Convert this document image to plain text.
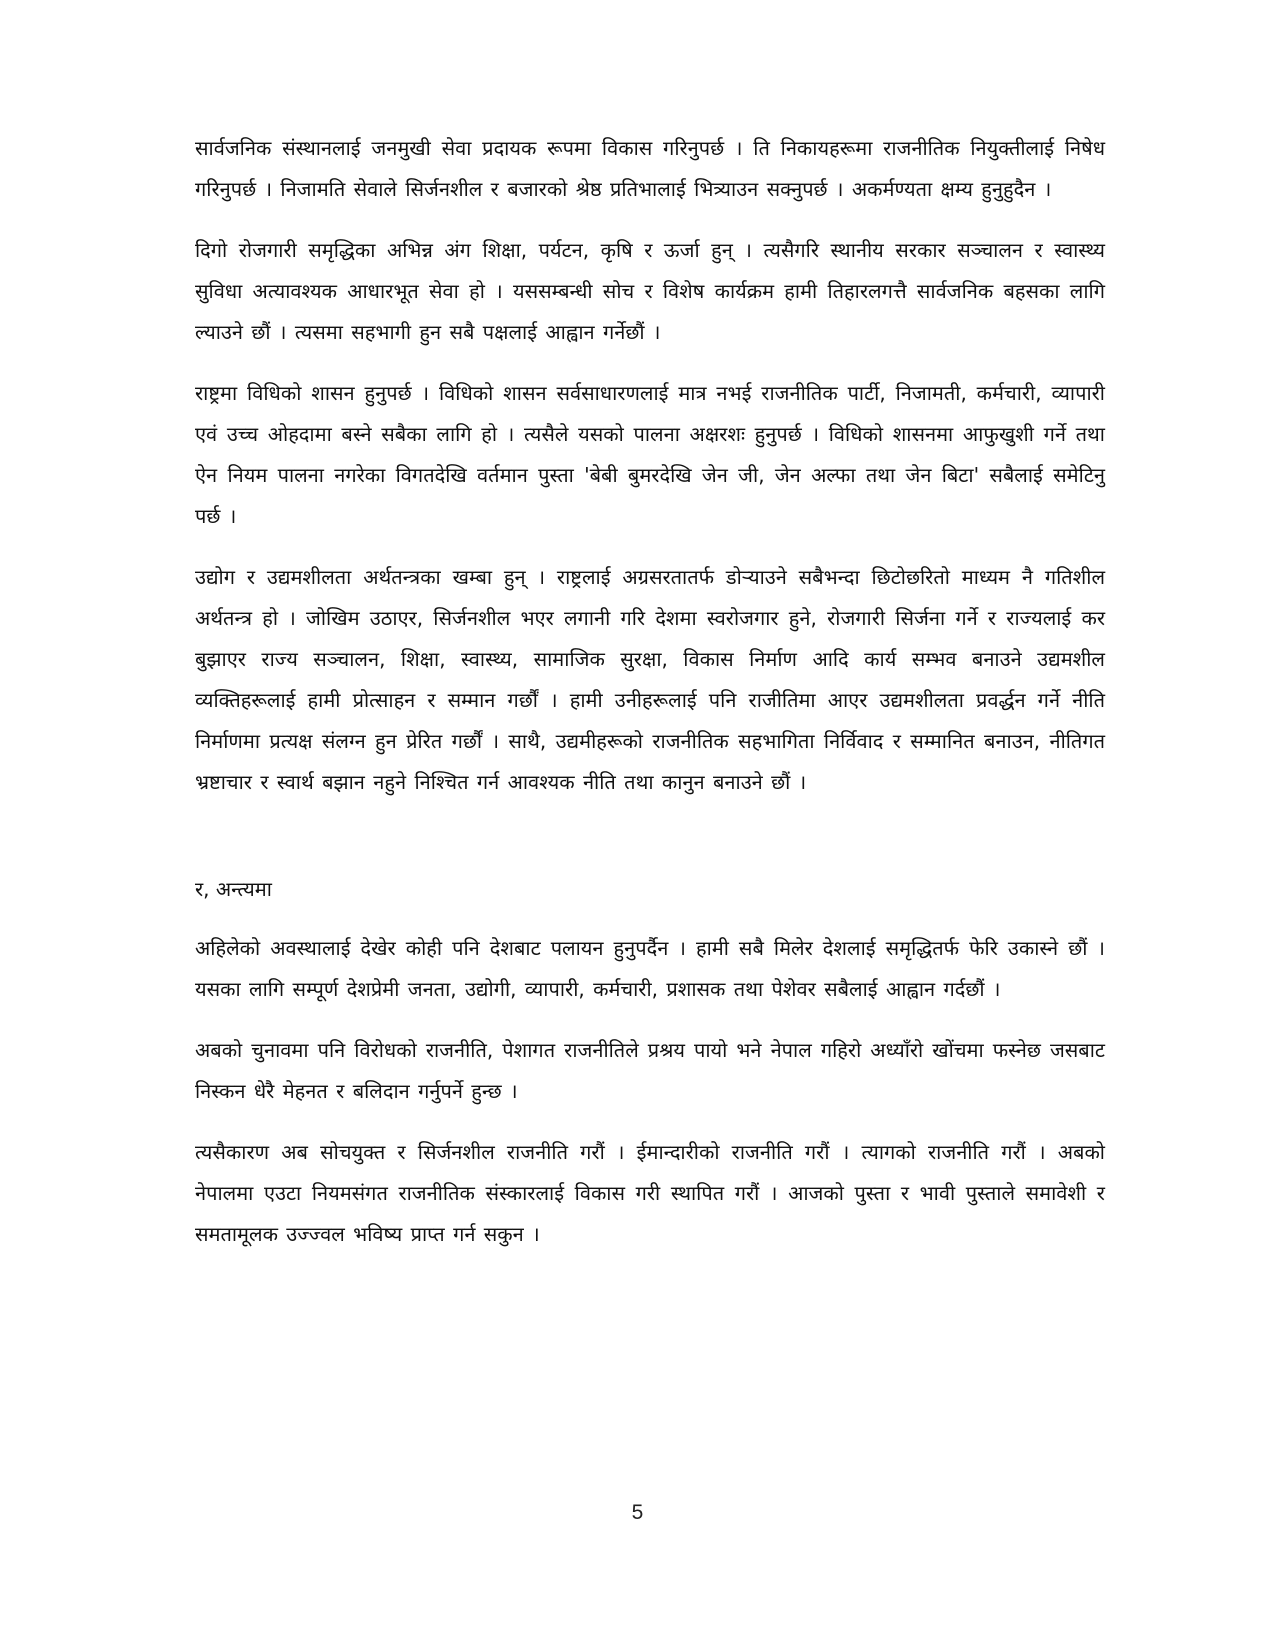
सार्वजनिक संस्थानलाई जनमुखी सेवा प्रदायक रूपमा विकास गरिनुपर्छ । ति निकायहरूमा राजनीतिक नियुक्तीलाई निषेध गरिनुपर्छ । निजामति सेवाले सिर्जनशील र बजारको श्रेष्ठ प्रतिभालाई भित्र्याउन सक्नुपर्छ । अकर्मण्यता क्षम्य हुनुहुदैन ।

दिगो रोजगारी समृद्धिका अभिन्न अंग शिक्षा, पर्यटन, कृषि र ऊर्जा हुन् । त्यसैगरि स्थानीय सरकार सञ्चालन र स्वास्थ्य सुविधा अत्यावश्यक आधारभूत सेवा हो । यससम्बन्धी सोच र विशेष कार्यक्रम हामी तिहारलगत्तै सार्वजनिक बहसका लागि ल्याउने छौं । त्यसमा सहभागी हुन सबै पक्षलाई आह्वान गर्नेछौं ।

राष्ट्रमा विधिको शासन हुनुपर्छ । विधिको शासन सर्वसाधारणलाई मात्र नभई राजनीतिक पार्टी, निजामती, कर्मचारी, व्यापारी एवं उच्च ओहदामा बस्ने सबैका लागि हो । त्यसैले यसको पालना अक्षरशः हुनुपर्छ । विधिको शासनमा आफुखुशी गर्ने तथा ऐन नियम पालना नगरेका विगतदेखि वर्तमान पुस्ता 'बेबी बुमरदेखि जेन जी, जेन अल्फा तथा जेन बिटा' सबैलाई समेटिनु पर्छ ।

उद्योग र उद्यमशीलता अर्थतन्त्रका खम्बा हुन् । राष्ट्रलाई अग्रसरतातर्फ डोऱ्याउने सबैभन्दा छिटोछरितो माध्यम नै गतिशील अर्थतन्त्र हो । जोखिम उठाएर, सिर्जनशील भएर लगानी गरि देशमा स्वरोजगार हुने, रोजगारी सिर्जना गर्ने र राज्यलाई कर बुझाएर राज्य सञ्चालन, शिक्षा, स्वास्थ्य, सामाजिक सुरक्षा, विकास निर्माण आदि कार्य सम्भव बनाउने उद्यमशील व्यक्तिहरूलाई हामी प्रोत्साहन र सम्मान गर्छौं । हामी उनीहरूलाई पनि राजीतिमा आएर उद्यमशीलता प्रवर्द्धन गर्ने नीति निर्माणमा प्रत्यक्ष संलग्न हुन प्रेरित गर्छौं । साथै, उद्यमीहरूको राजनीतिक सहभागिता निर्विवाद र सम्मानित बनाउन, नीतिगत भ्रष्टाचार र स्वार्थ बझान नहुने निश्चित गर्न आवश्यक नीति तथा कानुन बनाउने छौं ।

र, अन्त्यमा

अहिलेको अवस्थालाई देखेर कोही पनि देशबाट पलायन हुनुपर्दैन । हामी सबै मिलेर देशलाई समृद्धितर्फ फेरि उकास्ने छौं । यसका लागि सम्पूर्ण देशप्रेमी जनता, उद्योगी, व्यापारी, कर्मचारी, प्रशासक तथा पेशेवर सबैलाई आह्वान गर्दछौं ।

अबको चुनावमा पनि विरोधको राजनीति, पेशागत राजनीतिले प्रश्रय पायो भने नेपाल गहिरो अध्याँरो खोंचमा फस्नेछ जसबाट निस्कन धेरै मेहनत र बलिदान गर्नुपर्ने हुन्छ ।

त्यसैकारण अब सोचयुक्त र सिर्जनशील राजनीति गरौं । ईमान्दारीको राजनीति गरौं । त्यागको राजनीति गरौं । अबको नेपालमा एउटा नियमसंगत राजनीतिक संस्कारलाई विकास गरी स्थापित गरौं । आजको पुस्ता र भावी पुस्ताले समावेशी र समतामूलक उज्ज्वल भविष्य प्राप्त गर्न सकुन ।

5
